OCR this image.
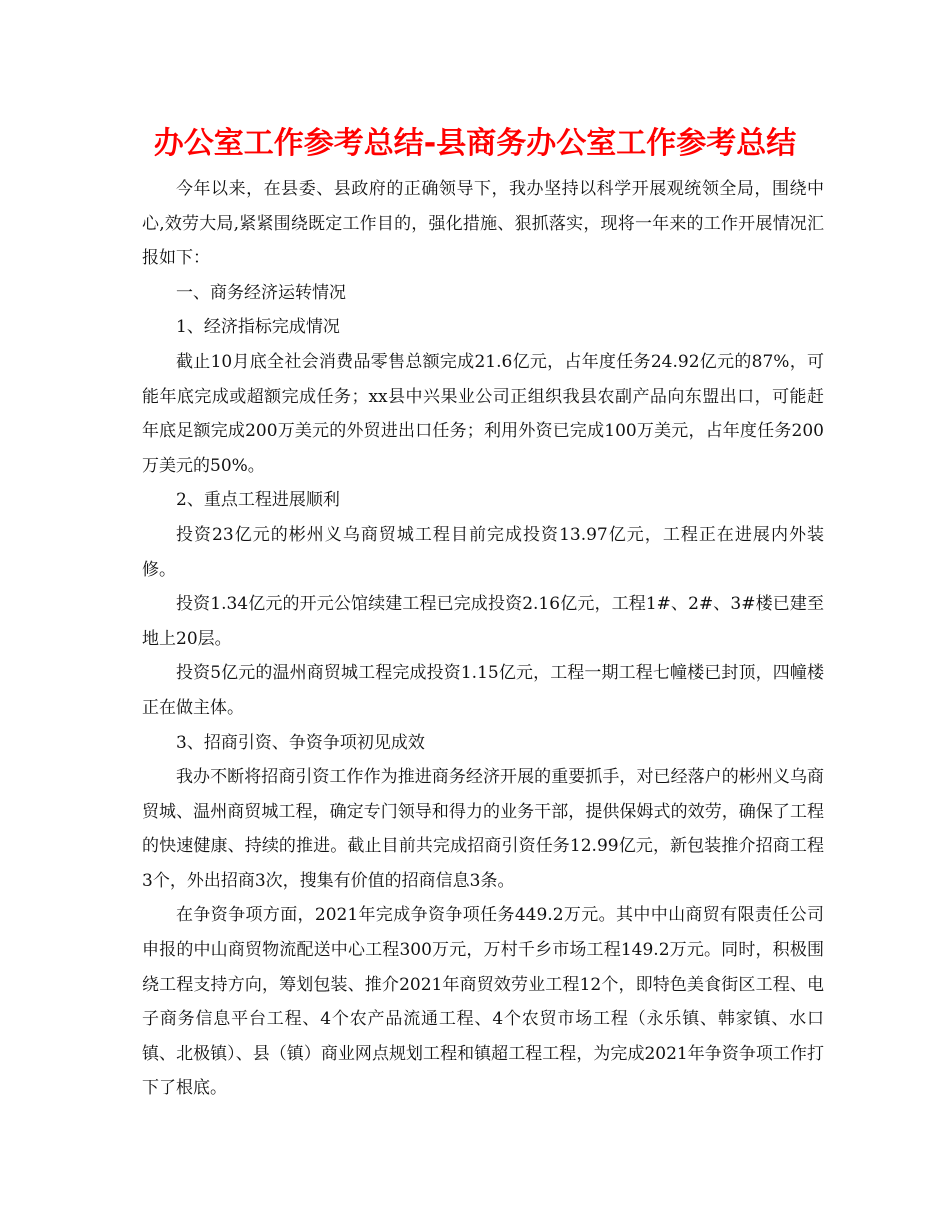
办公室工作参考总结-县商务办公室工作参考总结

今年以来，在县委、县政府的正确领导下，我办坚持以科学开展观统领全局，围绕中心,效劳大局,紧紧围绕既定工作目的，强化措施、狠抓落实，现将一年来的工作开展情况汇报如下：

一、商务经济运转情况

1、经济指标完成情况

截止10月底全社会消费品零售总额完成21.6亿元，占年度任务24.92亿元的87%，可能年底完成或超额完成任务；xx县中兴果业公司正组织我县农副产品向东盟出口，可能赶年底足额完成200万美元的外贸进出口任务；利用外资已完成100万美元，占年度任务200万美元的50%。

2、重点工程进展顺利

投资23亿元的彬州义乌商贸城工程目前完成投资13.97亿元，工程正在进展内外装修。

投资1.34亿元的开元公馆续建工程已完成投资2.16亿元，工程1#、2#、3#楼已建至地上20层。

投资5亿元的温州商贸城工程完成投资1.15亿元，工程一期工程七幢楼已封顶，四幢楼正在做主体。

3、招商引资、争资争项初见成效

我办不断将招商引资工作作为推进商务经济开展的重要抓手，对已经落户的彬州义乌商贸城、温州商贸城工程，确定专门领导和得力的业务干部，提供保姆式的效劳，确保了工程的快速健康、持续的推进。截止目前共完成招商引资任务12.99亿元，新包装推介招商工程3个，外出招商3次，搜集有价值的招商信息3条。

在争资争项方面，2021年完成争资争项任务449.2万元。其中中山商贸有限责任公司申报的中山商贸物流配送中心工程300万元，万村千乡市场工程149.2万元。同时，积极围绕工程支持方向，筹划包装、推介2021年商贸效劳业工程12个，即特色美食街区工程、电子商务信息平台工程、4个农产品流通工程、4个农贸市场工程（永乐镇、韩家镇、水口镇、北极镇）、县（镇）商业网点规划工程和镇超工程工程，为完成2021年争资争项工作打下了根底。
